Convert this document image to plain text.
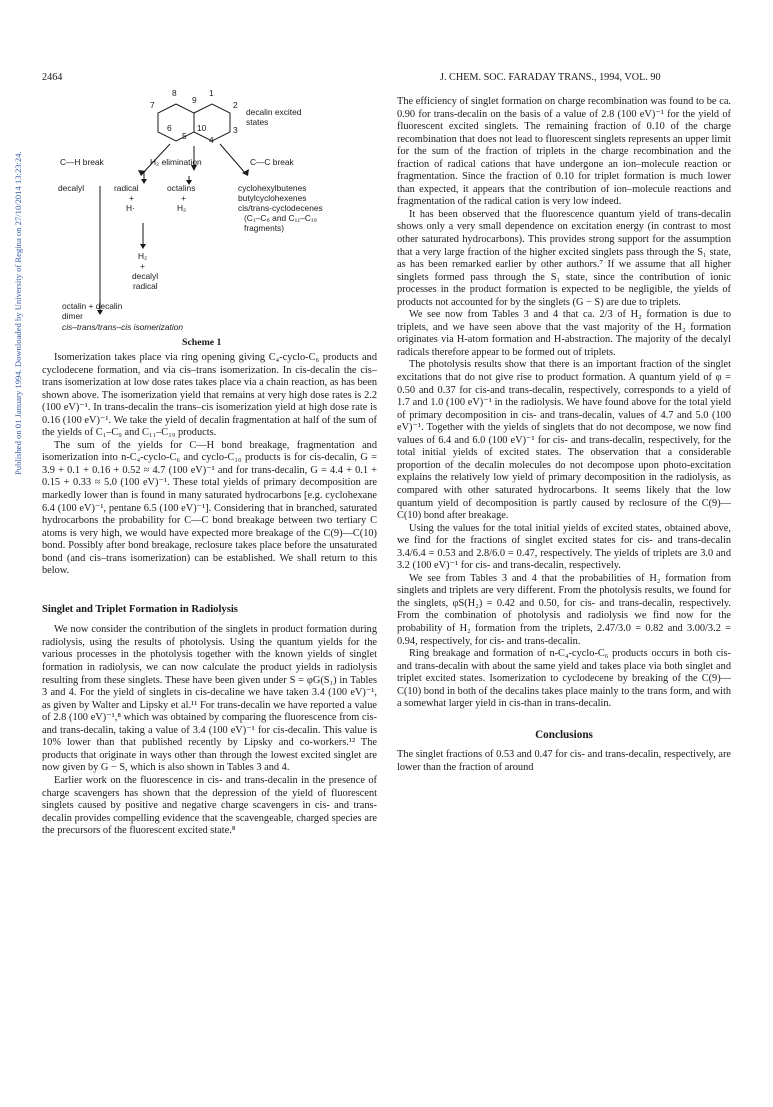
2464	J. CHEM. SOC. FARADAY TRANS., 1994, VOL. 90
Published on 01 January 1994. Downloaded by University of Regina on 27/10/2014 13:23:24.
8
9
1
7	2
6	10	3
5	4
decalin excited
states
C—H break	H₂ elimination	C—C break
decalyl	radical
+
H·
octalins
+
H₂
cyclohexylbutenes
butylcyclohexenes
cis/trans-cyclodecenes
(C₁–C₈ and C₁₁–C₁₉
fragments)
H₂
+
decalyl
radical
octalin + decalin
dimer
cis–trans/trans–cis isomerization
Scheme 1

Isomerization takes place via ring opening giving C₄-cyclo-C₆ products and cyclodecene formation, and via cis–trans isomerization. In cis-decalin the cis–trans isomerization at low dose rates takes place via a chain reaction, as has been shown above. The isomerization yield that remains at very high dose rates is 2.2 (100 eV)⁻¹. In trans-decalin the trans–cis isomerization yield at high dose rate is 0.16 (100 eV)⁻¹. We take the yield of decalin fragmentation at half of the sum of the yields of C₁–C₉ and C₁₁–C₁₉ products.

The sum of the yields for C—H bond breakage, fragmentation and isomerization into n-C₄-cyclo-C₆ and cyclo-C₁₀ products is for cis-decalin, G = 3.9 + 0.1 + 0.16 + 0.52 ≈ 4.7 (100 eV)⁻¹ and for trans-decalin, G = 4.4 + 0.1 + 0.15 + 0.33 ≈ 5.0 (100 eV)⁻¹. These total yields of primary decomposition are markedly lower than is found in many saturated hydrocarbons [e.g. cyclohexane 6.4 (100 eV)⁻¹, pentane 6.5 (100 eV)⁻¹]. Considering that in branched, saturated hydrocarbons the probability for C—C bond breakage between two tertiary C atoms is very high, we would have expected more breakage of the C(9)—C(10) bond. Possibly after bond breakage, reclosure takes place before the unsaturated bond (and cis–trans isomerization) can be established. We shall return to this below.

Singlet and Triplet Formation in Radiolysis

We now consider the contribution of the singlets in product formation during radiolysis, using the results of photolysis. Using the quantum yields for the various processes in the photolysis together with the known yields of singlet formation in radiolysis, we can now calculate the product yields in radiolysis resulting from these singlets. These have been given under S = φG(S₁) in Tables 3 and 4. For the yield of singlets in cis-decaline we have taken 3.4 (100 eV)⁻¹, as given by Walter and Lipsky et al.¹¹ For trans-decalin we have reported a value of 2.8 (100 eV)⁻¹,⁸ which was obtained by comparing the fluorescence from cis- and trans-decalin, taking a value of 3.4 (100 eV)⁻¹ for cis-decalin. This value is 10% lower than that published recently by Lipsky and co-workers.¹² The products that originate in ways other than through the lowest excited singlet are now given by G − S, which is also shown in Tables 3 and 4.

Earlier work on the fluorescence in cis- and trans-decalin in the presence of charge scavengers has shown that the depression of the yield of fluorescent singlets caused by positive and negative charge scavengers in cis- and trans-decalin provides compelling evidence that the scavengeable, charged species are the precursors of the fluorescent excited state.⁸

The efficiency of singlet formation on charge recombination was found to be ca. 0.90 for trans-decalin on the basis of a value of 2.8 (100 eV)⁻¹ for the yield of fluorescent excited singlets. The remaining fraction of 0.10 of the charge recombination that does not lead to fluorescent singlets represents an upper limit for the sum of the fraction of triplets in the charge recombination and the fraction of radical cations that have undergone an ion–molecule reaction or fragmentation. Since the fraction of 0.10 for triplet formation is much lower than expected, it appears that the contribution of ion–molecule reactions and fragmentation of the radical cation is very low indeed.

It has been observed that the fluorescence quantum yield of trans-decalin shows only a very small dependence on excitation energy (in contrast to most other saturated hydrocarbons). This provides strong support for the assumption that a very large fraction of the higher excited singlets pass through the S₁ state, as has been remarked earlier by other authors.⁷ If we assume that all higher singlets formed pass through the S₁ state, since the contribution of ionic processes in the product formation is expected to be negligible, the yields of products not accounted for by the singlets (G − S) are due to triplets.

We see now from Tables 3 and 4 that ca. 2/3 of H₂ formation is due to triplets, and we have seen above that the vast majority of the H₂ formation originates via H-atom formation and H-abstraction. The majority of the decalyl radicals therefore appear to be formed out of triplets.

The photolysis results show that there is an important fraction of the singlet excitations that do not give rise to product formation. A quantum yield of φ = 0.50 and 0.37 for cis-and trans-decalin, respectively, corresponds to a yield of 1.7 and 1.0 (100 eV)⁻¹ in the radiolysis. We have found above for the total yield of primary decomposition in cis- and trans-decalin, values of 4.7 and 5.0 (100 eV)⁻¹. Together with the yields of singlets that do not decompose, we now find values of 6.4 and 6.0 (100 eV)⁻¹ for cis- and trans-decalin, respectively, for the total initial yields of excited states. The observation that a considerable proportion of the decalin molecules do not decompose upon photo-excitation explains the relatively low yield of primary decomposition in the radiolysis, as compared with other saturated hydrocarbons. It seems likely that the low quantum yield of decomposition is partly caused by reclosure of the C(9)—C(10) bond after breakage.

Using the values for the total initial yields of excited states, obtained above, we find for the fractions of singlet excited states for cis- and trans-decalin 3.4/6.4 = 0.53 and 2.8/6.0 = 0.47, respectively. The yields of triplets are 3.0 and 3.2 (100 eV)⁻¹ for cis- and trans-decalin, respectively.

We see from Tables 3 and 4 that the probabilities of H₂ formation from singlets and triplets are very different. From the photolysis results, we found for the singlets, φS(H₂) = 0.42 and 0.50, for cis- and trans-decalin, respectively. From the combination of photolysis and radiolysis we find now for the probability of H₂ formation from the triplets, 2.47/3.0 = 0.82 and 3.00/3.2 = 0.94, respectively, for cis- and trans-decalin.

Ring breakage and formation of n-C₄-cyclo-C₆ products occurs in both cis- and trans-decalin with about the same yield and takes place via both singlet and triplet excited states. Isomerization to cyclodecene by breaking of the C(9)—C(10) bond in both of the decalins takes place mainly to the trans form, and with a somewhat larger yield in cis-than in trans-decalin.

Conclusions

The singlet fractions of 0.53 and 0.47 for cis- and trans-decalin, respectively, are lower than the fraction of around
